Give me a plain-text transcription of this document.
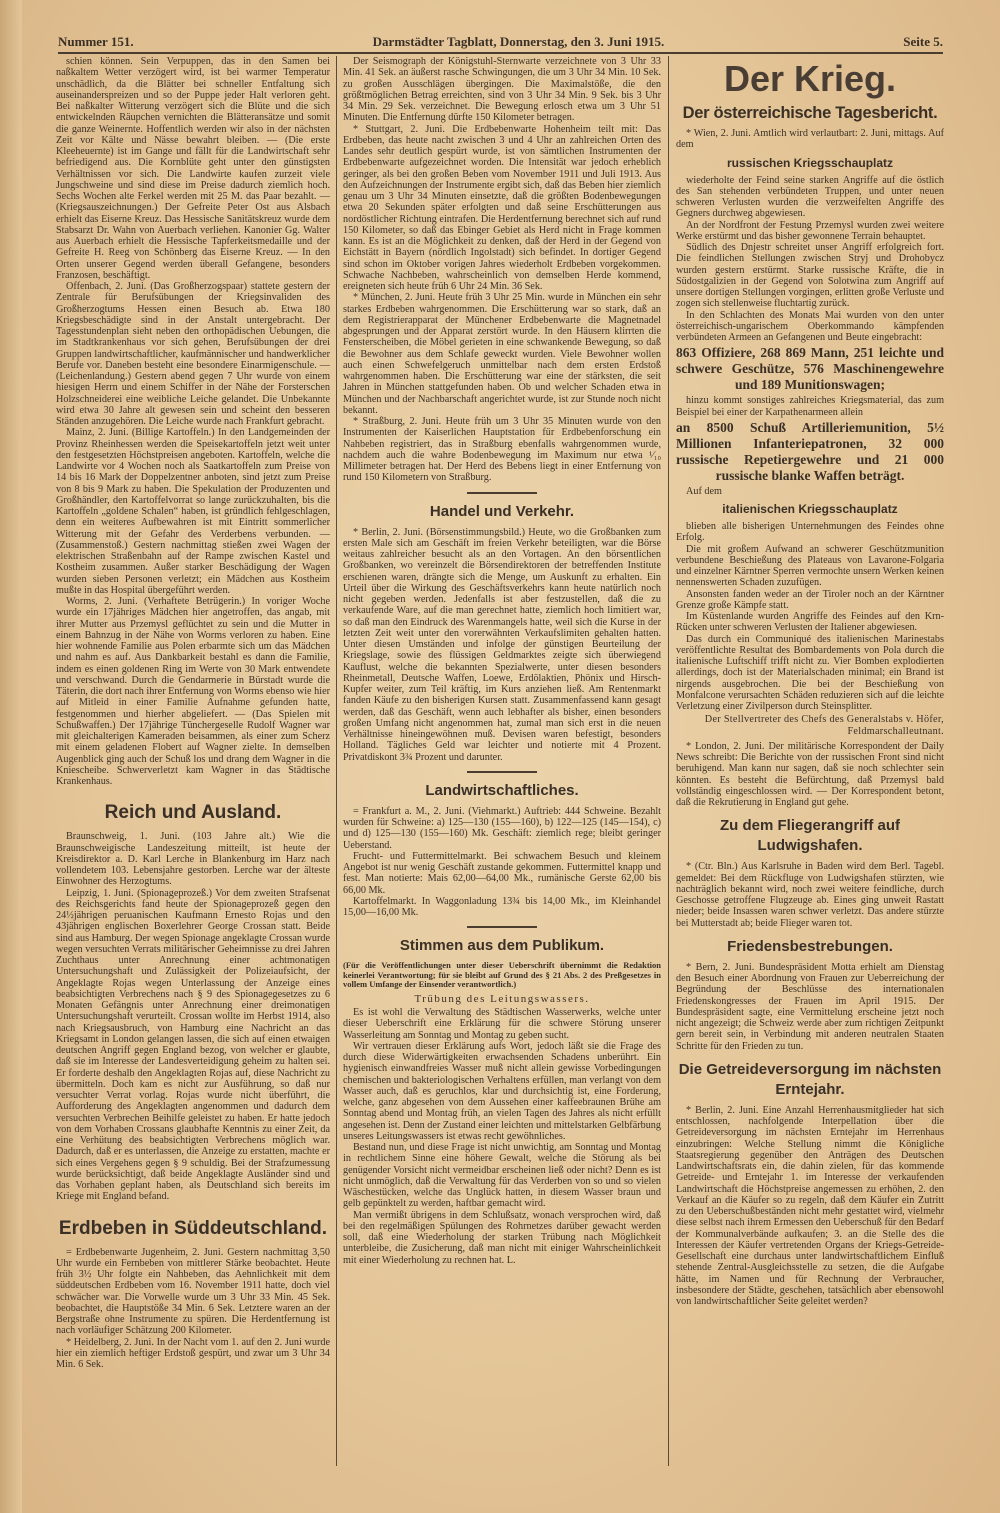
Nummer 151.	Darmstädter Tagblatt, Donnerstag, den 3. Juni 1915.	Seite 5.

schien können. Sein Verpuppen, das in den Samen bei naßkaltem Wetter verzögert wird, ist bei warmer Temperatur unschädlich, da die Blätter bei schneller Entfaltung sich auseinanderspreizen und so der Puppe jeder Halt verloren geht. Bei naßkalter Witterung verzögert sich die Blüte und die sich entwickelnden Räupchen vernichten die Blätteransätze und somit die ganze Weinernte. Hoffentlich werden wir also in der nächsten Zeit vor Kälte und Nässe bewahrt bleiben. — (Die erste Kleeheuernte) ist im Gange und fällt für die Landwirtschaft sehr befriedigend aus. Die Kornblüte geht unter den günstigsten Verhältnissen vor sich. Die Landwirte kaufen zurzeit viele Jungschweine und sind diese im Preise dadurch ziemlich hoch. Sechs Wochen alte Ferkel werden mit 25 M. das Paar bezahlt. — (Kriegsauszeichnungen.) Der Gefreite Peter Ost aus Alsbach erhielt das Eiserne Kreuz. Das Hessische Sanitätskreuz wurde dem Stabsarzt Dr. Wahn von Auerbach verliehen. Kanonier Gg. Walter aus Auerbach erhielt die Hessische Tapferkeitsmedaille und der Gefreite H. Reeg von Schönberg das Eiserne Kreuz. — In den Orten unserer Gegend werden überall Gefangene, besonders Franzosen, beschäftigt.

Offenbach, 2. Juni. (Das Großherzogspaar) stattete gestern der Zentrale für Berufsübungen der Kriegsinvaliden des Großherzogtums Hessen einen Besuch ab. Etwa 180 Kriegsbeschädigte sind in der Anstalt untergebracht. Der Tagesstundenplan sieht neben den orthopädischen Uebungen, die im Stadtkrankenhaus vor sich gehen, Berufsübungen der drei Gruppen landwirtschaftlicher, kaufmännischer und handwerklicher Berufe vor. Daneben besteht eine besondere Einarmigenschule. — (Leichenlandung.) Gestern abend gegen 7 Uhr wurde von einem hiesigen Herrn und einem Schiffer in der Nähe der Forsterschen Holzschneiderei eine weibliche Leiche gelandet. Die Unbekannte wird etwa 30 Jahre alt gewesen sein und scheint den besseren Ständen anzugehören. Die Leiche wurde nach Frankfurt gebracht.

Mainz, 2. Juni. (Billige Kartoffeln.) In den Landgemeinden der Provinz Rheinhessen werden die Speisekartoffeln jetzt weit unter den festgesetzten Höchstpreisen angeboten. Kartoffeln, welche die Landwirte vor 4 Wochen noch als Saatkartoffeln zum Preise von 14 bis 16 Mark der Doppelzentner anboten, sind jetzt zum Preise von 8 bis 9 Mark zu haben. Die Spekulation der Produzenten und Großhändler, den Kartoffelvorrat so lange zurückzuhalten, bis die Kartoffeln „goldene Schalen“ haben, ist gründlich fehlgeschlagen, denn ein weiteres Aufbewahren ist mit Eintritt sommerlicher Witterung mit der Gefahr des Verderbens verbunden. — (Zusammenstoß.) Gestern nachmittag stießen zwei Wagen der elektrischen Straßenbahn auf der Rampe zwischen Kastel und Kostheim zusammen. Außer starker Beschädigung der Wagen wurden sieben Personen verletzt; ein Mädchen aus Kostheim mußte in das Hospital übergeführt werden.

Worms, 2. Juni. (Verhaftete Betrügerin.) In voriger Woche wurde ein 17jähriges Mädchen hier angetroffen, das angab, mit ihrer Mutter aus Przemysl geflüchtet zu sein und die Mutter in einem Bahnzug in der Nähe von Worms verloren zu haben. Eine hier wohnende Familie aus Polen erbarmte sich um das Mädchen und nahm es auf. Aus Dankbarkeit bestahl es dann die Familie, indem es einen goldenen Ring im Werte von 30 Mark entwendete und verschwand. Durch die Gendarmerie in Bürstadt wurde die Täterin, die dort nach ihrer Entfernung von Worms ebenso wie hier auf Mitleid in einer Familie Aufnahme gefunden hatte, festgenommen und hierher abgeliefert. — (Das Spielen mit Schußwaffen.) Der 17jährige Tünchergeselle Rudolf Wagner war mit gleichalterigen Kameraden beisammen, als einer zum Scherz mit einem geladenen Flobert auf Wagner zielte. In demselben Augenblick ging auch der Schuß los und drang dem Wagner in die Kniescheibe. Schwerverletzt kam Wagner in das Städtische Krankenhaus.

Reich und Ausland.

Braunschweig, 1. Juni. (103 Jahre alt.) Wie die Braunschweigische Landeszeitung mitteilt, ist heute der Kreisdirektor a. D. Karl Lerche in Blankenburg im Harz nach vollendetem 103. Lebensjahre gestorben. Lerche war der älteste Einwohner des Herzogtums.

Leipzig, 1. Juni. (Spionageprozeß.) Vor dem zweiten Strafsenat des Reichsgerichts fand heute der Spionageprozeß gegen den 24½jährigen peruanischen Kaufmann Ernesto Rojas und den 43jährigen englischen Boxerlehrer George Crossan statt. Beide sind aus Hamburg. Der wegen Spionage angeklagte Crossan wurde wegen versuchten Verrats militärischer Geheimnisse zu drei Jahren Zuchthaus unter Anrechnung einer achtmonatigen Untersuchungshaft und Zulässigkeit der Polizeiaufsicht, der Angeklagte Rojas wegen Unterlassung der Anzeige eines beabsichtigten Verbrechens nach § 9 des Spionagegesetzes zu 6 Monaten Gefängnis unter Anrechnung einer dreimonatigen Untersuchungshaft verurteilt. Crossan wollte im Herbst 1914, also nach Kriegsausbruch, von Hamburg eine Nachricht an das Kriegsamt in London gelangen lassen, die sich auf einen etwaigen deutschen Angriff gegen England bezog, von welcher er glaubte, daß sie im Interesse der Landesverteidigung geheim zu halten sei. Er forderte deshalb den Angeklagten Rojas auf, diese Nachricht zu übermitteln. Doch kam es nicht zur Ausführung, so daß nur versuchter Verrat vorlag. Rojas wurde nicht überführt, die Aufforderung des Angeklagten angenommen und dadurch dem versuchten Verbrechen Beihilfe geleistet zu haben. Er hatte jedoch von dem Vorhaben Crossans glaubhafte Kenntnis zu einer Zeit, da eine Verhütung des beabsichtigten Verbrechens möglich war. Dadurch, daß er es unterlassen, die Anzeige zu erstatten, machte er sich eines Vergehens gegen § 9 schuldig. Bei der Strafzumessung wurde berücksichtigt, daß beide Angeklagte Ausländer sind und das Vorhaben geplant haben, als Deutschland sich bereits im Kriege mit England befand.

Erdbeben in Süddeutschland.

= Erdbebenwarte Jugenheim, 2. Juni. Gestern nachmittag 3,50 Uhr wurde ein Fernbeben von mittlerer Stärke beobachtet. Heute früh 3½ Uhr folgte ein Nahbeben, das Aehnlichkeit mit dem süddeutschen Erdbeben vom 16. November 1911 hatte, doch viel schwächer war. Die Vorwelle wurde um 3 Uhr 33 Min. 45 Sek. beobachtet, die Hauptstöße 34 Min. 6 Sek. Letztere waren an der Bergstraße ohne Instrumente zu spüren. Die Herdentfernung ist nach vorläufiger Schätzung 200 Kilometer.

* Heidelberg, 2. Juni. In der Nacht vom 1. auf den 2. Juni wurde hier ein ziemlich heftiger Erdstoß gespürt, und zwar um 3 Uhr 34 Min. 6 Sek.

Der Seismograph der Königstuhl-Sternwarte verzeichnete von 3 Uhr 33 Min. 41 Sek. an äußerst rasche Schwingungen, die um 3 Uhr 34 Min. 10 Sek. zu großen Ausschlägen übergingen. Die Maximalstöße, die den größtmöglichen Betrag erreichten, sind von 3 Uhr 34 Min. 9 Sek. bis 3 Uhr 34 Min. 29 Sek. verzeichnet. Die Bewegung erlosch etwa um 3 Uhr 51 Minuten. Die Entfernung dürfte 150 Kilometer betragen.

* Stuttgart, 2. Juni. Die Erdbebenwarte Hohenheim teilt mit: Das Erdbeben, das heute nacht zwischen 3 und 4 Uhr an zahlreichen Orten des Landes sehr deutlich gespürt wurde, ist von sämtlichen Instrumenten der Erdbebenwarte aufgezeichnet worden. Die Intensität war jedoch erheblich geringer, als bei den großen Beben vom November 1911 und Juli 1913. Aus den Aufzeichnungen der Instrumente ergibt sich, daß das Beben hier ziemlich genau um 3 Uhr 34 Minuten einsetzte, daß die größten Bodenbewegungen etwa 20 Sekunden später erfolgten und daß seine Erschütterungen aus nordöstlicher Richtung eintrafen. Die Herdentfernung berechnet sich auf rund 150 Kilometer, so daß das Ebinger Gebiet als Herd nicht in Frage kommen kann. Es ist an die Möglichkeit zu denken, daß der Herd in der Gegend von Eichstätt in Bayern (nördlich Ingolstadt) sich befindet. In dortiger Gegend sind schon im Oktober vorigen Jahres wiederholt Erdbeben vorgekommen. Schwache Nachbeben, wahrscheinlich von demselben Herde kommend, ereigneten sich heute früh 6 Uhr 24 Min. 36 Sek.

* München, 2. Juni. Heute früh 3 Uhr 25 Min. wurde in München ein sehr starkes Erdbeben wahrgenommen. Die Erschütterung war so stark, daß an dem Registrierapparat der Münchener Erdbebenwarte die Magnetnadel abgesprungen und der Apparat zerstört wurde. In den Häusern klirrten die Fensterscheiben, die Möbel gerieten in eine schwankende Bewegung, so daß die Bewohner aus dem Schlafe geweckt wurden. Viele Bewohner wollen auch einen Schwefelgeruch unmittelbar nach dem ersten Erdstoß wahrgenommen haben. Die Erschütterung war eine der stärksten, die seit Jahren in München stattgefunden haben. Ob und welcher Schaden etwa in München und der Nachbarschaft angerichtet wurde, ist zur Stunde noch nicht bekannt.

* Straßburg, 2. Juni. Heute früh um 3 Uhr 35 Minuten wurde von den Instrumenten der Kaiserlichen Hauptstation für Erdbebenforschung ein Nahbeben registriert, das in Straßburg ebenfalls wahrgenommen wurde, nachdem auch die wahre Bodenbewegung im Maximum nur etwa ¹⁄₁₀ Millimeter betragen hat. Der Herd des Bebens liegt in einer Entfernung von rund 150 Kilometern von Straßburg.

Handel und Verkehr.

* Berlin, 2. Juni. (Börsenstimmungsbild.) Heute, wo die Großbanken zum ersten Male sich am Geschäft im freien Verkehr beteiligten, war die Börse weitaus zahlreicher besucht als an den Vortagen. An den börsentlichen Großbanken, wo vereinzelt die Börsendirektoren der betreffenden Institute erschienen waren, drängte sich die Menge, um Auskunft zu erhalten. Ein Urteil über die Wirkung des Geschäftsverkehrs kann heute natürlich noch nicht gegeben werden. Jedenfalls ist aber festzustellen, daß die zu verkaufende Ware, auf die man gerechnet hatte, ziemlich hoch limitiert war, so daß man den Eindruck des Warenmangels hatte, weil sich die Kurse in der letzten Zeit weit unter den vorerwähnten Verkaufslimiten gehalten hatten. Unter diesen Umständen und infolge der günstigen Beurteilung der Kriegslage, sowie des flüssigen Geldmarktes zeigte sich überwiegend Kauflust, welche die bekannten Spezialwerte, unter diesen besonders Rheinmetall, Deutsche Waffen, Loewe, Erdölaktien, Phönix und Hirsch-Kupfer weiter, zum Teil kräftig, im Kurs anziehen ließ. Am Rentenmarkt fanden Käufe zu den bisherigen Kursen statt. Zusammenfassend kann gesagt werden, daß das Geschäft, wenn auch lebhafter als bisher, einen besonders großen Umfang nicht angenommen hat, zumal man sich erst in die neuen Verhältnisse hineingewöhnen muß. Devisen waren befestigt, besonders Holland. Tägliches Geld war leichter und notierte mit 4 Prozent. Privatdiskont 3¾ Prozent und darunter.

Landwirtschaftliches.

= Frankfurt a. M., 2. Juni. (Viehmarkt.) Auftrieb: 444 Schweine. Bezahlt wurden für Schweine: a) 125—130 (155—160), b) 122—125 (145—154), c) und d) 125—130 (155—160) Mk. Geschäft: ziemlich rege; bleibt geringer Ueberstand.

Frucht- und Futtermittelmarkt. Bei schwachem Besuch und kleinem Angebot ist nur wenig Geschäft zustande gekommen. Futtermittel knapp und fest. Man notierte: Mais 62,00—64,00 Mk., rumänische Gerste 62,00 bis 66,00 Mk.

Kartoffelmarkt. In Waggonladung 13¾ bis 14,00 Mk., im Kleinhandel 15,00—16,00 Mk.

Stimmen aus dem Publikum.
(Für die Veröffentlichungen unter dieser Ueberschrift übernimmt die Redaktion keinerlei Verantwortung; für sie bleibt auf Grund des § 21 Abs. 2 des Preßgesetzes in vollem Umfange der Einsender verantwortlich.)
Trübung des Leitungswassers.

Es ist wohl die Verwaltung des Städtischen Wasserwerks, welche unter dieser Ueberschrift eine Erklärung für die schwere Störung unserer Wasserleitung am Sonntag und Montag zu geben sucht.

Wir vertrauen dieser Erklärung aufs Wort, jedoch läßt sie die Frage des durch diese Widerwärtigkeiten erwachsenden Schadens unberührt. Ein hygienisch einwandfreies Wasser muß nicht allein gewisse Vorbedingungen chemischen und bakteriologischen Verhaltens erfüllen, man verlangt von dem Wasser auch, daß es geruchlos, klar und durchsichtig ist, eine Forderung, welche, ganz abgesehen von dem Aussehen einer kaffeebraunen Brühe am Sonntag abend und Montag früh, an vielen Tagen des Jahres als nicht erfüllt angesehen ist. Denn der Zustand einer leichten und mittelstarken Gelbfärbung unseres Leitungswassers ist etwas recht gewöhnliches.

Bestand nun, und diese Frage ist nicht unwichtig, am Sonntag und Montag in rechtlichem Sinne eine höhere Gewalt, welche die Störung als bei genügender Vorsicht nicht vermeidbar erscheinen ließ oder nicht? Denn es ist nicht unmöglich, daß die Verwaltung für das Verderben von so und so vielen Wäschestücken, welche das Unglück hatten, in diesem Wasser braun und gelb gepünktelt zu werden, haftbar gemacht wird.

Man vermißt übrigens in dem Schlußsatz, wonach versprochen wird, daß bei den regelmäßigen Spülungen des Rohrnetzes darüber gewacht werden soll, daß eine Wiederholung der starken Trübung nach Möglichkeit unterbleibe, die Zusicherung, daß man nicht mit einiger Wahrscheinlichkeit mit einer Wiederholung zu rechnen hat. L.

Der Krieg.
Der österreichische Tagesbericht.

* Wien, 2. Juni. Amtlich wird verlautbart: 2. Juni, mittags. Auf dem

russischen Kriegsschauplatz

wiederholte der Feind seine starken Angriffe auf die östlich des San stehenden verbündeten Truppen, und unter neuen schweren Verlusten wurden die verzweifelten Angriffe des Gegners durchweg abgewiesen.

An der Nordfront der Festung Przemysl wurden zwei weitere Werke erstürmt und das bisher gewonnene Terrain behauptet.

Südlich des Dnjestr schreitet unser Angriff erfolgreich fort. Die feindlichen Stellungen zwischen Stryj und Drohobycz wurden gestern erstürmt. Starke russische Kräfte, die in Südostgalizien in der Gegend von Solotwina zum Angriff auf unsere dortigen Stellungen vorgingen, erlitten große Verluste und zogen sich stellenweise fluchtartig zurück.

In den Schlachten des Monats Mai wurden von den unter österreichisch-ungarischem Oberkommando kämpfenden verbündeten Armeen an Gefangenen und Beute eingebracht:

863 Offiziere, 268 869 Mann, 251 leichte und schwere Geschütze, 576 Maschinengewehre und 189 Munitionswagen;

hinzu kommt sonstiges zahlreiches Kriegsmaterial, das zum Beispiel bei einer der Karpathenarmeen allein

an 8500 Schuß Artilleriemunition, 5½ Millionen Infanteriepatronen, 32 000 russische Repetiergewehre und 21 000 russische blanke Waffen beträgt.

Auf dem

italienischen Kriegsschauplatz

blieben alle bisherigen Unternehmungen des Feindes ohne Erfolg.

Die mit großem Aufwand an schwerer Geschützmunition verbundene Beschießung des Plateaus von Lavarone-Folgaria und einzelner Kärntner Sperren vermochte unsern Werken keinen nennenswerten Schaden zuzufügen.

Ansonsten fanden weder an der Tiroler noch an der Kärntner Grenze große Kämpfe statt.

Im Küstenlande wurden Angriffe des Feindes auf den Krn-Rücken unter schweren Verlusten der Italiener abgewiesen.

Das durch ein Communiqué des italienischen Marinestabs veröffentlichte Resultat des Bombardements von Pola durch die italienische Luftschiff trifft nicht zu. Vier Bomben explodierten allerdings, doch ist der Materialschaden minimal; ein Brand ist nirgends ausgebrochen. Die bei der Beschießung von Monfalcone verursachten Schäden reduzieren sich auf die leichte Verletzung einer Zivilperson durch Steinsplitter.

Der Stellvertreter des Chefs des Generalstabs v. Höfer, Feldmarschalleutnant.

* London, 2. Juni. Der militärische Korrespondent der Daily News schreibt: Die Berichte von der russischen Front sind nicht beruhigend. Man kann nur sagen, daß sie noch schlechter sein könnten. Es besteht die Befürchtung, daß Przemysl bald vollständig eingeschlossen wird. — Der Korrespondent betont, daß die Rekrutierung in England gut gehe.

Zu dem Fliegerangriff auf Ludwigshafen.

* (Ctr. Bln.) Aus Karlsruhe in Baden wird dem Berl. Tagebl. gemeldet: Bei dem Rückfluge von Ludwigshafen stürzten, wie nachträglich bekannt wird, noch zwei weitere feindliche, durch Geschosse getroffene Flugzeuge ab. Eines ging unweit Rastatt nieder; beide Insassen waren schwer verletzt. Das andere stürzte bei Mutterstadt ab; beide Flieger waren tot.

Friedensbestrebungen.

* Bern, 2. Juni. Bundespräsident Motta erhielt am Dienstag den Besuch einer Abordnung von Frauen zur Ueberreichung der Begründung der Beschlüsse des internationalen Friedenskongresses der Frauen im April 1915. Der Bundespräsident sagte, eine Vermittelung erscheine jetzt noch nicht angezeigt; die Schweiz werde aber zum richtigen Zeitpunkt gern bereit sein, in Verbindung mit anderen neutralen Staaten Schritte für den Frieden zu tun.

Die Getreideversorgung im nächsten Erntejahr.

* Berlin, 2. Juni. Eine Anzahl Herrenhausmitglieder hat sich entschlossen, nachfolgende Interpellation über die Getreideversorgung im nächsten Erntejahr im Herrenhaus einzubringen: Welche Stellung nimmt die Königliche Staatsregierung gegenüber den Anträgen des Deutschen Landwirtschaftsrats ein, die dahin zielen, für das kommende Getreide- und Erntejahr 1. im Interesse der verkaufenden Landwirtschaft die Höchstpreise angemessen zu erhöhen, 2. den Verkauf an die Käufer so zu regeln, daß dem Käufer ein Zutritt zu den Ueberschußbeständen nicht mehr gestattet wird, vielmehr diese selbst nach ihrem Ermessen den Ueberschuß für den Bedarf der Kommunalverbände aufkaufen; 3. an die Stelle des die Interessen der Käufer vertretenden Organs der Kriegs-Getreide-Gesellschaft eine durchaus unter landwirtschaftlichem Einfluß stehende Zentral-Ausgleichsstelle zu setzen, die die Aufgabe hätte, im Namen und für Rechnung der Verbraucher, insbesondere der Städte, geschehen, tatsächlich aber ebensowohl von landwirtschaftlicher Seite geleitet werden?
